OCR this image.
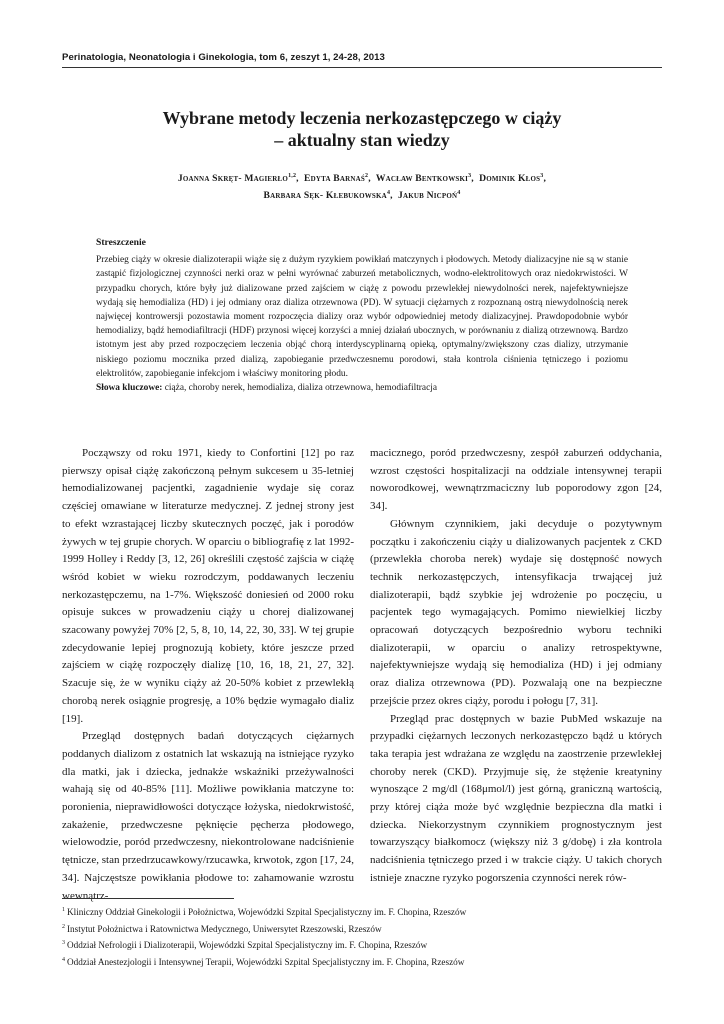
Perinatologia, Neonatologia i Ginekologia, tom 6, zeszyt 1, 24-28, 2013
Wybrane metody leczenia nerkozastępczego w ciąży
– aktualny stan wiedzy
Joanna Skręt- Magierło$^{1,2}$, Edyta Barnaś$^2$, Wacław Bentkowski$^3$, Dominik Kłos$^3$,
Barbara Sęk- Kłebukowska$^4$, Jakub Nicpoń$^4$
Streszczenie

Przebieg ciąży w okresie dializoterapii wiąże się z dużym ryzykiem powikłań matczynych i płodowych. Metody dializacyjne nie są w stanie zastąpić fizjologicznej czynności nerki oraz w pełni wyrównać zaburzeń metabolicznych, wodno-elektrolitowych oraz niedokrwistości. W przypadku chorych, które były już dializowane przed zajściem w ciążę z powodu przewlekłej niewydolności nerek, najefektywniejsze wydają się hemodializa (HD) i jej odmiany oraz dializa otrzewnowa (PD). W sytuacji ciężarnych z rozpoznaną ostrą niewydolnością nerek najwięcej kontrowersji pozostawia moment rozpoczęcia dializy oraz wybór odpowiedniej metody dializacyjnej. Prawdopodobnie wybór hemodializy, bądź hemodiafiltracji (HDF) przynosi więcej korzyści a mniej działań ubocznych, w porównaniu z dializą otrzewnową. Bardzo istotnym jest aby przed rozpoczęciem leczenia objąć chorą interdyscyplinarną opieką, optymalny/zwiększony czas dializy, utrzymanie niskiego poziomu mocznika przed dializą, zapobieganie przedwczesnemu porodowi, stała kontrola ciśnienia tętniczego i poziomu elektrolitów, zapobieganie infekcjom i właściwy monitoring płodu.

Słowa kluczowe: ciąża, choroby nerek, hemodializa, dializa otrzewnowa, hemodiafiltracja

Począwszy od roku 1971, kiedy to Confortini [12] po raz pierwszy opisał ciążę zakończoną pełnym sukcesem u 35-letniej hemodializowanej pacjentki, zagadnienie wydaje się coraz częściej omawiane w literaturze medycznej. Z jednej strony jest to efekt wzrastającej liczby skutecznych poczęć, jak i porodów żywych w tej grupie chorych. W oparciu o bibliografię z lat 1992-1999 Holley i Reddy [3, 12, 26] określili częstość zajścia w ciążę wśród kobiet w wieku rozrodczym, poddawanych leczeniu nerkozastępczemu, na 1-7%. Większość doniesień od 2000 roku opisuje sukces w prowadzeniu ciąży u chorej dializowanej szacowany powyżej 70% [2, 5, 8, 10, 14, 22, 30, 33]. W tej grupie zdecydowanie lepiej prognozują kobiety, które jeszcze przed zajściem w ciążę rozpoczęły dializę [10, 16, 18, 21, 27, 32]. Szacuje się, że w wyniku ciąży aż 20-50% kobiet z przewlekłą chorobą nerek osiągnie progresję, a 10% będzie wymagało dializ [19].

Przegląd dostępnych badań dotyczących ciężarnych poddanych dializom z ostatnich lat wskazują na istniejące ryzyko dla matki, jak i dziecka, jednakże wskaźniki przeżywalności wahają się od 40-85% [11]. Możliwe powikłania matczyne to: poronienia, nieprawidłowości dotyczące łożyska, niedokrwistość, zakażenie, przedwczesne pęknięcie pęcherza płodowego, wielowodzie, poród przedwczesny, niekontrolowane nadciśnienie tętnicze, stan przedrzucawkowy/rzucawka, krwotok, zgon [17, 24, 34]. Najczęstsze powikłania płodowe to: zahamowanie wzrostu wewnątrz-

macicznego, poród przedwczesny, zespół zaburzeń oddychania, wzrost częstości hospitalizacji na oddziale intensywnej terapii noworodkowej, wewnątrzmaciczny lub poporodowy zgon [24, 34].

Głównym czynnikiem, jaki decyduje o pozytywnym początku i zakończeniu ciąży u dializowanych pacjentek z CKD (przewlekła choroba nerek) wydaje się dostępność nowych technik nerkozastępczych, intensyfikacja trwającej już dializoterapii, bądź szybkie jej wdrożenie po poczęciu, u pacjentek tego wymagających. Pomimo niewielkiej liczby opracowań dotyczących bezpośrednio wyboru techniki dializoterapii, w oparciu o analizy retrospektywne, najefektywniejsze wydają się hemodializa (HD) i jej odmiany oraz dializa otrzewnowa (PD). Pozwalają one na bezpieczne przejście przez okres ciąży, porodu i połogu [7, 31].

Przegląd prac dostępnych w bazie PubMed wskazuje na przypadki ciężarnych leczonych nerkozastępczo bądź u których taka terapia jest wdrażana ze względu na zaostrzenie przewlekłej choroby nerek (CKD). Przyjmuje się, że stężenie kreatyniny wynoszące 2 mg/dl (168μmol/l) jest górną, graniczną wartością, przy której ciąża może być względnie bezpieczna dla matki i dziecka. Niekorzystnym czynnikiem prognostycznym jest towarzyszący białkomocz (większy niż 3 g/dobę) i zła kontrola nadciśnienia tętniczego przed i w trakcie ciąży. U takich chorych istnieje znaczne ryzyko pogorszenia czynności nerek rów-

$^1$ Kliniczny Oddział Ginekologii i Położnictwa, Wojewódzki Szpital Specjalistyczny im. F. Chopina, Rzeszów
$^2$ Instytut Położnictwa i Ratownictwa Medycznego, Uniwersytet Rzeszowski, Rzeszów
$^3$ Oddział Nefrologii i Dializoterapii, Wojewódzki Szpital Specjalistyczny im. F. Chopina, Rzeszów
$^4$ Oddział Anestezjologii i Intensywnej Terapii, Wojewódzki Szpital Specjalistyczny im. F. Chopina, Rzeszów
